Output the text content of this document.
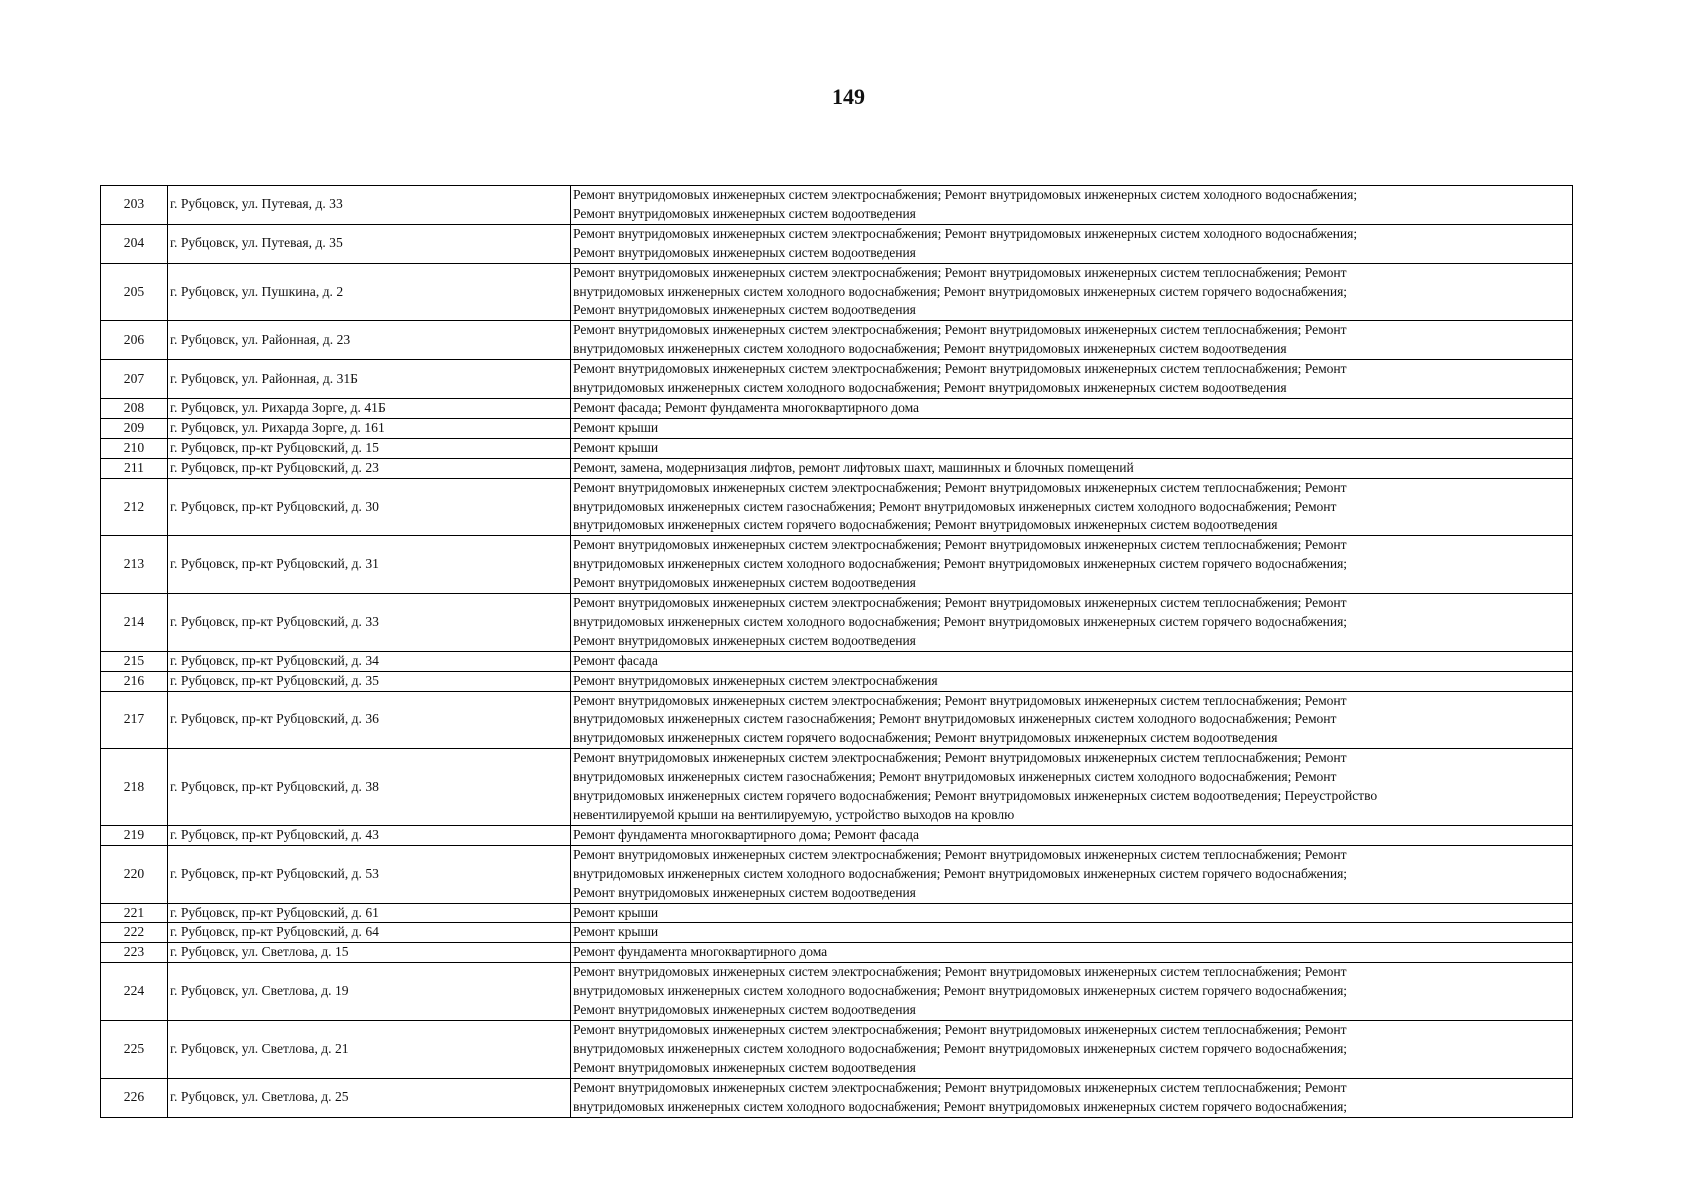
149
203	г. Рубцовск, ул. Путевая, д. 33	Ремонт внутридомовых инженерных систем электроснабжения; Ремонт внутридомовых инженерных систем холодного водоснабжения;
Ремонт внутридомовых инженерных систем водоотведения

204	г. Рубцовск, ул. Путевая, д. 35	Ремонт внутридомовых инженерных систем электроснабжения; Ремонт внутридомовых инженерных систем холодного водоснабжения;
Ремонт внутридомовых инженерных систем водоотведения

205	г. Рубцовск, ул. Пушкина, д. 2	Ремонт внутридомовых инженерных систем электроснабжения; Ремонт внутридомовых инженерных систем теплоснабжения; Ремонт
внутридомовых инженерных систем холодного водоснабжения; Ремонт внутридомовых инженерных систем горячего водоснабжения;
Ремонт внутридомовых инженерных систем водоотведения

206	г. Рубцовск, ул. Районная, д. 23	Ремонт внутридомовых инженерных систем электроснабжения; Ремонт внутридомовых инженерных систем теплоснабжения; Ремонт
внутридомовых инженерных систем холодного водоснабжения; Ремонт внутридомовых инженерных систем водоотведения

207	г. Рубцовск, ул. Районная, д. 31Б	Ремонт внутридомовых инженерных систем электроснабжения; Ремонт внутридомовых инженерных систем теплоснабжения; Ремонт
внутридомовых инженерных систем холодного водоснабжения; Ремонт внутридомовых инженерных систем водоотведения

208	г. Рубцовск, ул. Рихарда Зорге, д. 41Б	Ремонт фасада; Ремонт фундамента многоквартирного дома

209	г. Рубцовск, ул. Рихарда Зорге, д. 161	Ремонт крыши

210	г. Рубцовск, пр-кт Рубцовский, д. 15	Ремонт крыши

211	г. Рубцовск, пр-кт Рубцовский, д. 23	Ремонт, замена, модернизация лифтов, ремонт лифтовых шахт, машинных и блочных помещений

212	г. Рубцовск, пр-кт Рубцовский, д. 30	Ремонт внутридомовых инженерных систем электроснабжения; Ремонт внутридомовых инженерных систем теплоснабжения; Ремонт
внутридомовых инженерных систем газоснабжения; Ремонт внутридомовых инженерных систем холодного водоснабжения; Ремонт
внутридомовых инженерных систем горячего водоснабжения; Ремонт внутридомовых инженерных систем водоотведения

213	г. Рубцовск, пр-кт Рубцовский, д. 31	Ремонт внутридомовых инженерных систем электроснабжения; Ремонт внутридомовых инженерных систем теплоснабжения; Ремонт
внутридомовых инженерных систем холодного водоснабжения; Ремонт внутридомовых инженерных систем горячего водоснабжения;
Ремонт внутридомовых инженерных систем водоотведения

214	г. Рубцовск, пр-кт Рубцовский, д. 33	Ремонт внутридомовых инженерных систем электроснабжения; Ремонт внутридомовых инженерных систем теплоснабжения; Ремонт
внутридомовых инженерных систем холодного водоснабжения; Ремонт внутридомовых инженерных систем горячего водоснабжения;
Ремонт внутридомовых инженерных систем водоотведения

215	г. Рубцовск, пр-кт Рубцовский, д. 34	Ремонт фасада

216	г. Рубцовск, пр-кт Рубцовский, д. 35	Ремонт внутридомовых инженерных систем электроснабжения

217	г. Рубцовск, пр-кт Рубцовский, д. 36	Ремонт внутридомовых инженерных систем электроснабжения; Ремонт внутридомовых инженерных систем теплоснабжения; Ремонт
внутридомовых инженерных систем газоснабжения; Ремонт внутридомовых инженерных систем холодного водоснабжения; Ремонт
внутридомовых инженерных систем горячего водоснабжения; Ремонт внутридомовых инженерных систем водоотведения

218	г. Рубцовск, пр-кт Рубцовский, д. 38	Ремонт внутридомовых инженерных систем электроснабжения; Ремонт внутридомовых инженерных систем теплоснабжения; Ремонт
внутридомовых инженерных систем газоснабжения; Ремонт внутридомовых инженерных систем холодного водоснабжения; Ремонт
внутридомовых инженерных систем горячего водоснабжения; Ремонт внутридомовых инженерных систем водоотведения; Переустройство
невентилируемой крыши на вентилируемую, устройство выходов на кровлю

219	г. Рубцовск, пр-кт Рубцовский, д. 43	Ремонт фундамента многоквартирного дома; Ремонт фасада

220	г. Рубцовск, пр-кт Рубцовский, д. 53	Ремонт внутридомовых инженерных систем электроснабжения; Ремонт внутридомовых инженерных систем теплоснабжения; Ремонт
внутридомовых инженерных систем холодного водоснабжения; Ремонт внутридомовых инженерных систем горячего водоснабжения;
Ремонт внутридомовых инженерных систем водоотведения

221	г. Рубцовск, пр-кт Рубцовский, д. 61	Ремонт крыши

222	г. Рубцовск, пр-кт Рубцовский, д. 64	Ремонт крыши

223	г. Рубцовск, ул. Светлова, д. 15	Ремонт фундамента многоквартирного дома

224	г. Рубцовск, ул. Светлова, д. 19	Ремонт внутридомовых инженерных систем электроснабжения; Ремонт внутридомовых инженерных систем теплоснабжения; Ремонт
внутридомовых инженерных систем холодного водоснабжения; Ремонт внутридомовых инженерных систем горячего водоснабжения;
Ремонт внутридомовых инженерных систем водоотведения

225	г. Рубцовск, ул. Светлова, д. 21	Ремонт внутридомовых инженерных систем электроснабжения; Ремонт внутридомовых инженерных систем теплоснабжения; Ремонт
внутридомовых инженерных систем холодного водоснабжения; Ремонт внутридомовых инженерных систем горячего водоснабжения;
Ремонт внутридомовых инженерных систем водоотведения

226	г. Рубцовск, ул. Светлова, д. 25	Ремонт внутридомовых инженерных систем электроснабжения; Ремонт внутридомовых инженерных систем теплоснабжения; Ремонт
внутридомовых инженерных систем холодного водоснабжения; Ремонт внутридомовых инженерных систем горячего водоснабжения;
